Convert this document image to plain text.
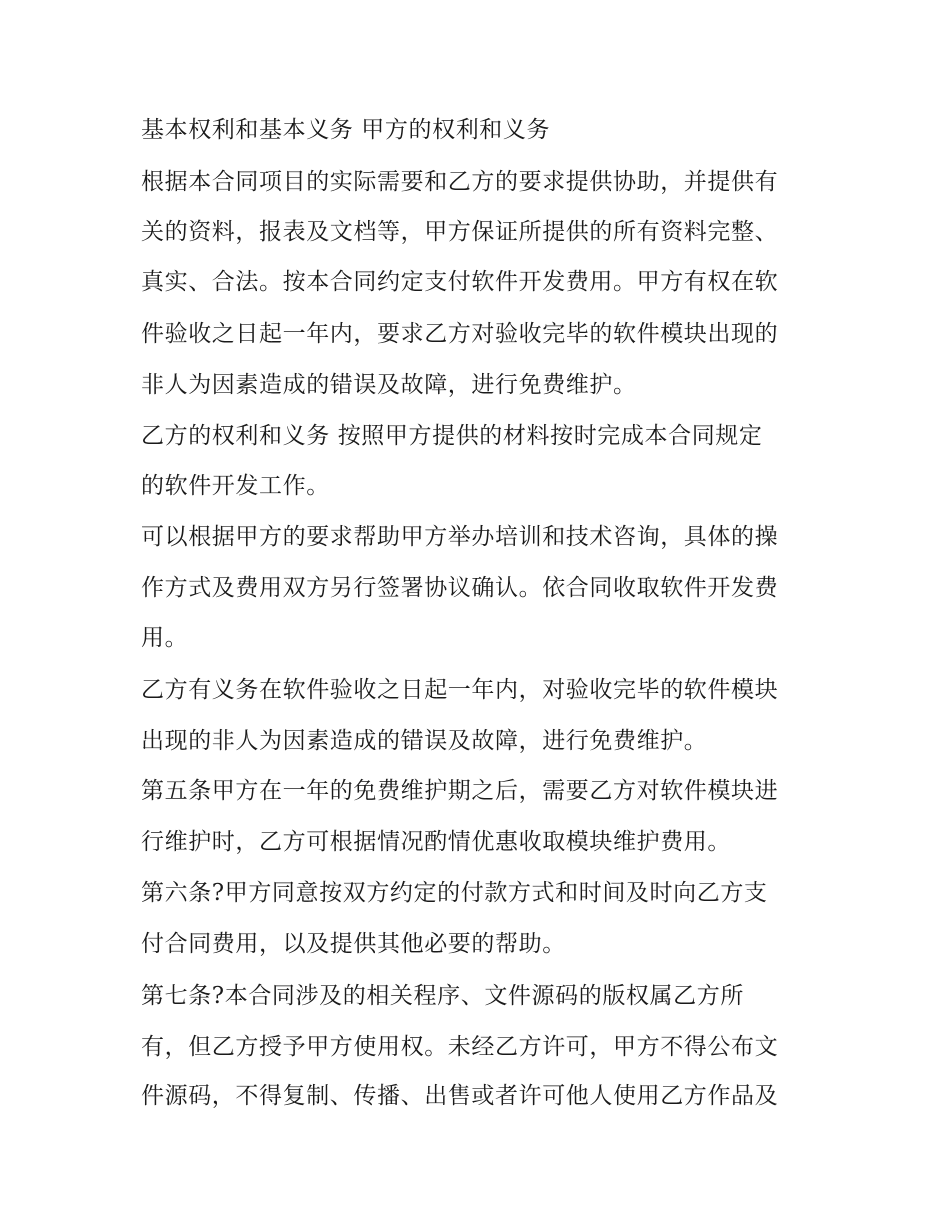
基本权利和基本义务 甲方的权利和义务
根据本合同项目的实际需要和乙方的要求提供协助，并提供有
关的资料，报表及文档等，甲方保证所提供的所有资料完整、
真实、合法。按本合同约定支付软件开发费用。甲方有权在软
件验收之日起一年内，要求乙方对验收完毕的软件模块出现的
非人为因素造成的错误及故障，进行免费维护。
乙方的权利和义务 按照甲方提供的材料按时完成本合同规定
的软件开发工作。
可以根据甲方的要求帮助甲方举办培训和技术咨询，具体的操
作方式及费用双方另行签署协议确认。依合同收取软件开发费
用。
乙方有义务在软件验收之日起一年内，对验收完毕的软件模块
出现的非人为因素造成的错误及故障，进行免费维护。
第五条甲方在一年的免费维护期之后，需要乙方对软件模块进
行维护时，乙方可根据情况酌情优惠收取模块维护费用。
第六条?甲方同意按双方约定的付款方式和时间及时向乙方支
付合同费用，以及提供其他必要的帮助。
第七条?本合同涉及的相关程序、文件源码的版权属乙方所
有，但乙方授予甲方使用权。未经乙方许可，甲方不得公布文
件源码，不得复制、传播、出售或者许可他人使用乙方作品及
